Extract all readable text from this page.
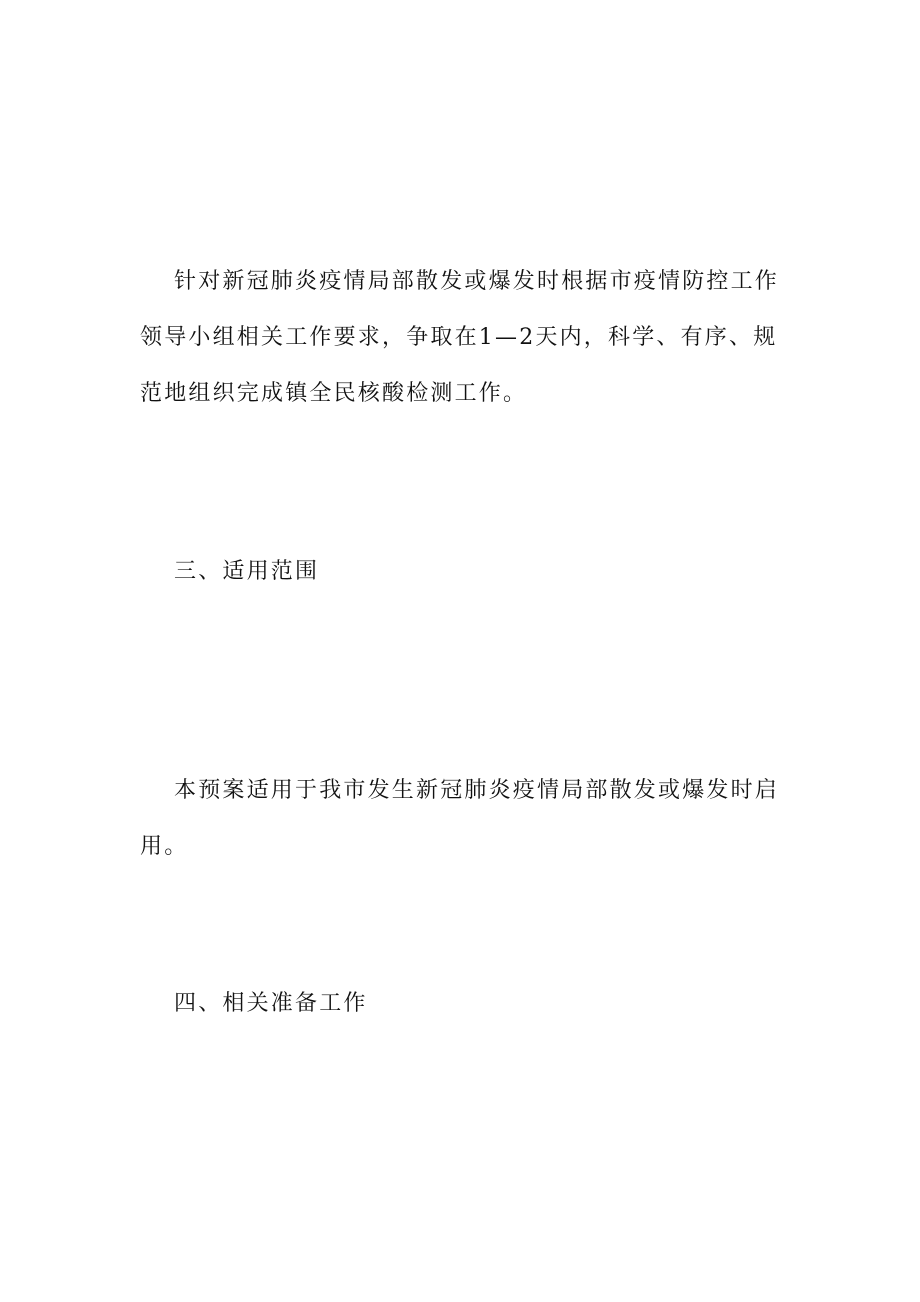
针对新冠肺炎疫情局部散发或爆发时根据市疫情防控工作领导小组相关工作要求，争取在1—2天内，科学、有序、规范地组织完成镇全民核酸检测工作。

三、适用范围

本预案适用于我市发生新冠肺炎疫情局部散发或爆发时启用。

四、相关准备工作
